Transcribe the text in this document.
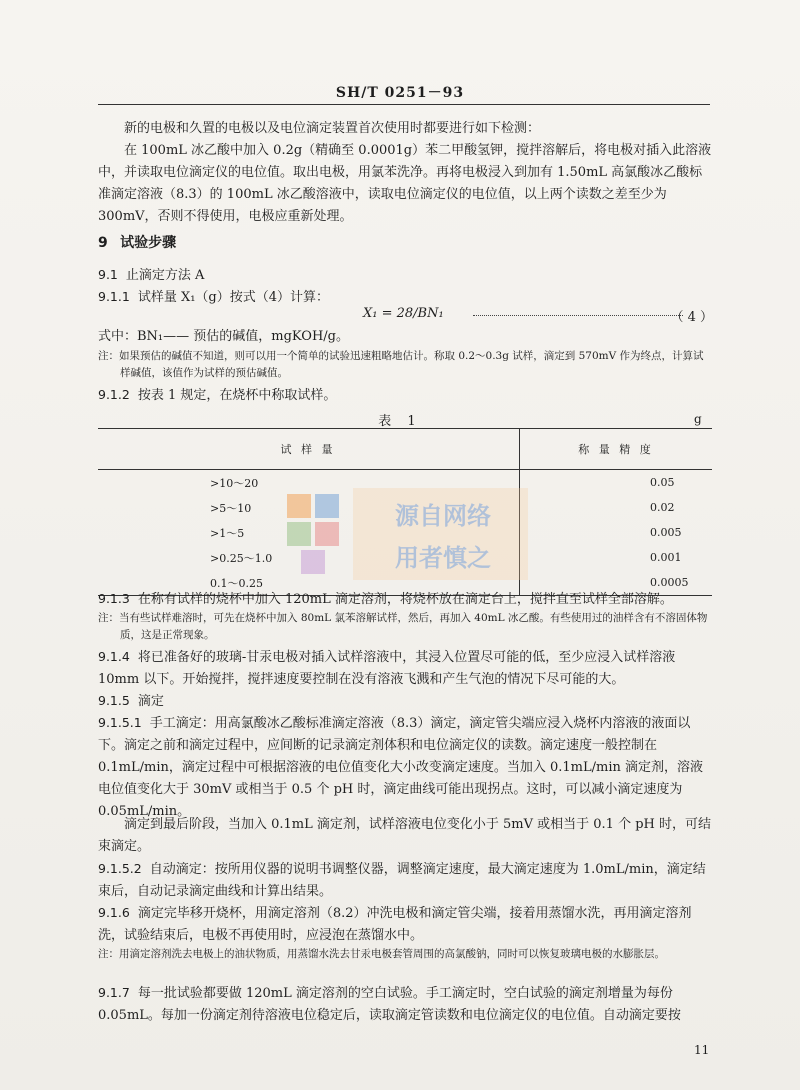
SH/T 0251－93

新的电极和久置的电极以及电位滴定装置首次使用时都要进行如下检测：

在 100mL 冰乙酸中加入 0.2g（精确至 0.0001g）苯二甲酸氢钾，搅拌溶解后，将电极对插入此溶液中，并读取电位滴定仪的电位值。取出电极，用氯苯洗净。再将电极浸入到加有 1.50mL 高氯酸冰乙酸标准滴定溶液（8.3）的 100mL 冰乙酸溶液中，读取电位滴定仪的电位值，以上两个读数之差至少为 300mV，否则不得使用，电极应重新处理。

9 试验步骤
9.1 止滴定方法 A
9.1.1 试样量 X₁（g）按式（4）计算：
X₁ = 28/BN₁	（ 4 ）
式中：BN₁—— 预估的碱值，mgKOH/g。

注：如果预估的碱值不知道，则可以用一个简单的试验迅速粗略地估计。称取 0.2～0.3g 试样，滴定到 570mV 作为终点，计算试样碱值，该值作为试样的预估碱值。

9.1.2 按表 1 规定，在烧杯中称取试样。
表 1	g
试 样 量	称 量 精 度
>10～20	0.05
>5～10	0.02
>1～5	0.005
>0.25～1.0	0.001
0.1～0.25	0.0005
源自网络
用者慎之
9.1.3 在称有试样的烧杯中加入 120mL 滴定溶剂，将烧杯放在滴定台上，搅拌直至试样全部溶解。

注：当有些试样难溶时，可先在烧杯中加入 80mL 氯苯溶解试样，然后，再加入 40mL 冰乙酸。有些使用过的油样含有不溶固体物质，这是正常现象。

9.1.4 将已准备好的玻璃-甘汞电极对插入试样溶液中，其浸入位置尽可能的低，至少应浸入试样溶液 10mm 以下。开始搅拌，搅拌速度要控制在没有溶液飞溅和产生气泡的情况下尽可能的大。

9.1.5 滴定

9.1.5.1 手工滴定：用高氯酸冰乙酸标准滴定溶液（8.3）滴定，滴定管尖端应浸入烧杯内溶液的液面以下。滴定之前和滴定过程中，应间断的记录滴定剂体积和电位滴定仪的读数。滴定速度一般控制在 0.1mL/min，滴定过程中可根据溶液的电位值变化大小改变滴定速度。当加入 0.1mL/min 滴定剂，溶液电位值变化大于 30mV 或相当于 0.5 个 pH 时，滴定曲线可能出现拐点。这时，可以减小滴定速度为 0.05mL/min。

滴定到最后阶段，当加入 0.1mL 滴定剂，试样溶液电位变化小于 5mV 或相当于 0.1 个 pH 时，可结束滴定。

9.1.5.2 自动滴定：按所用仪器的说明书调整仪器，调整滴定速度，最大滴定速度为 1.0mL/min，滴定结束后，自动记录滴定曲线和计算出结果。

9.1.6 滴定完毕移开烧杯，用滴定溶剂（8.2）冲洗电极和滴定管尖端，接着用蒸馏水洗，再用滴定溶剂洗，试验结束后，电极不再使用时，应浸泡在蒸馏水中。

注：用滴定溶剂洗去电极上的油状物质，用蒸馏水洗去甘汞电极套管周围的高氯酸钠，同时可以恢复玻璃电极的水膨胀层。

9.1.7 每一批试验都要做 120mL 滴定溶剂的空白试验。手工滴定时，空白试验的滴定剂增量为每份 0.05mL。每加一份滴定剂待溶液电位稳定后，读取滴定管读数和电位滴定仪的电位值。自动滴定要按

11
